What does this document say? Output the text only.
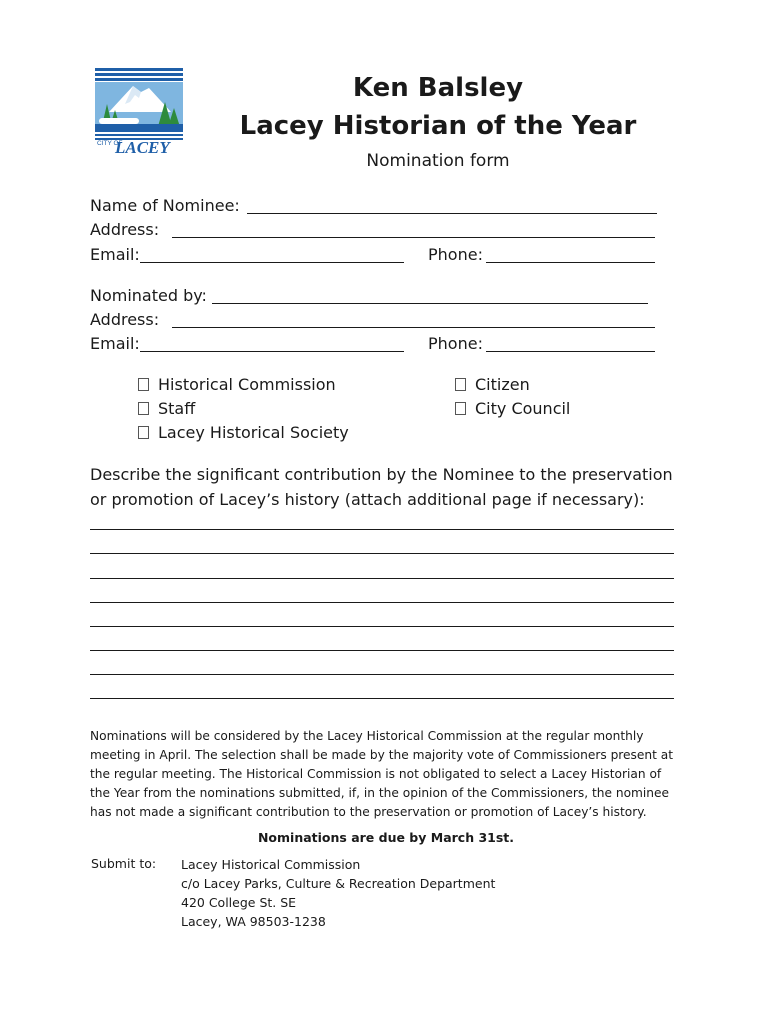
CITY OF
LACEY
Ken Balsley
Lacey Historian of the Year
Nomination form
Name of Nominee:
Address:
Email:	Phone:
Nominated by:
Address:
Email:	Phone:
Historical Commission
Staff
Lacey Historical Society
Citizen
City Council
Describe the significant contribution by the Nominee to the preservation or promotion of Lacey’s history (attach additional page if necessary):
Nominations will be considered by the Lacey Historical Commission at the regular monthly meeting in April. The selection shall be made by the majority vote of Commissioners present at the regular meeting. The Historical Commission is not obligated to select a Lacey Historian of the Year from the nominations submitted, if, in the opinion of the Commissioners, the nominee has not made a significant contribution to the preservation or promotion of Lacey’s history.
Nominations are due by March 31st.
Submit to: Lacey Historical Commission
c/o Lacey Parks, Culture & Recreation Department
420 College St. SE
Lacey, WA 98503-1238
